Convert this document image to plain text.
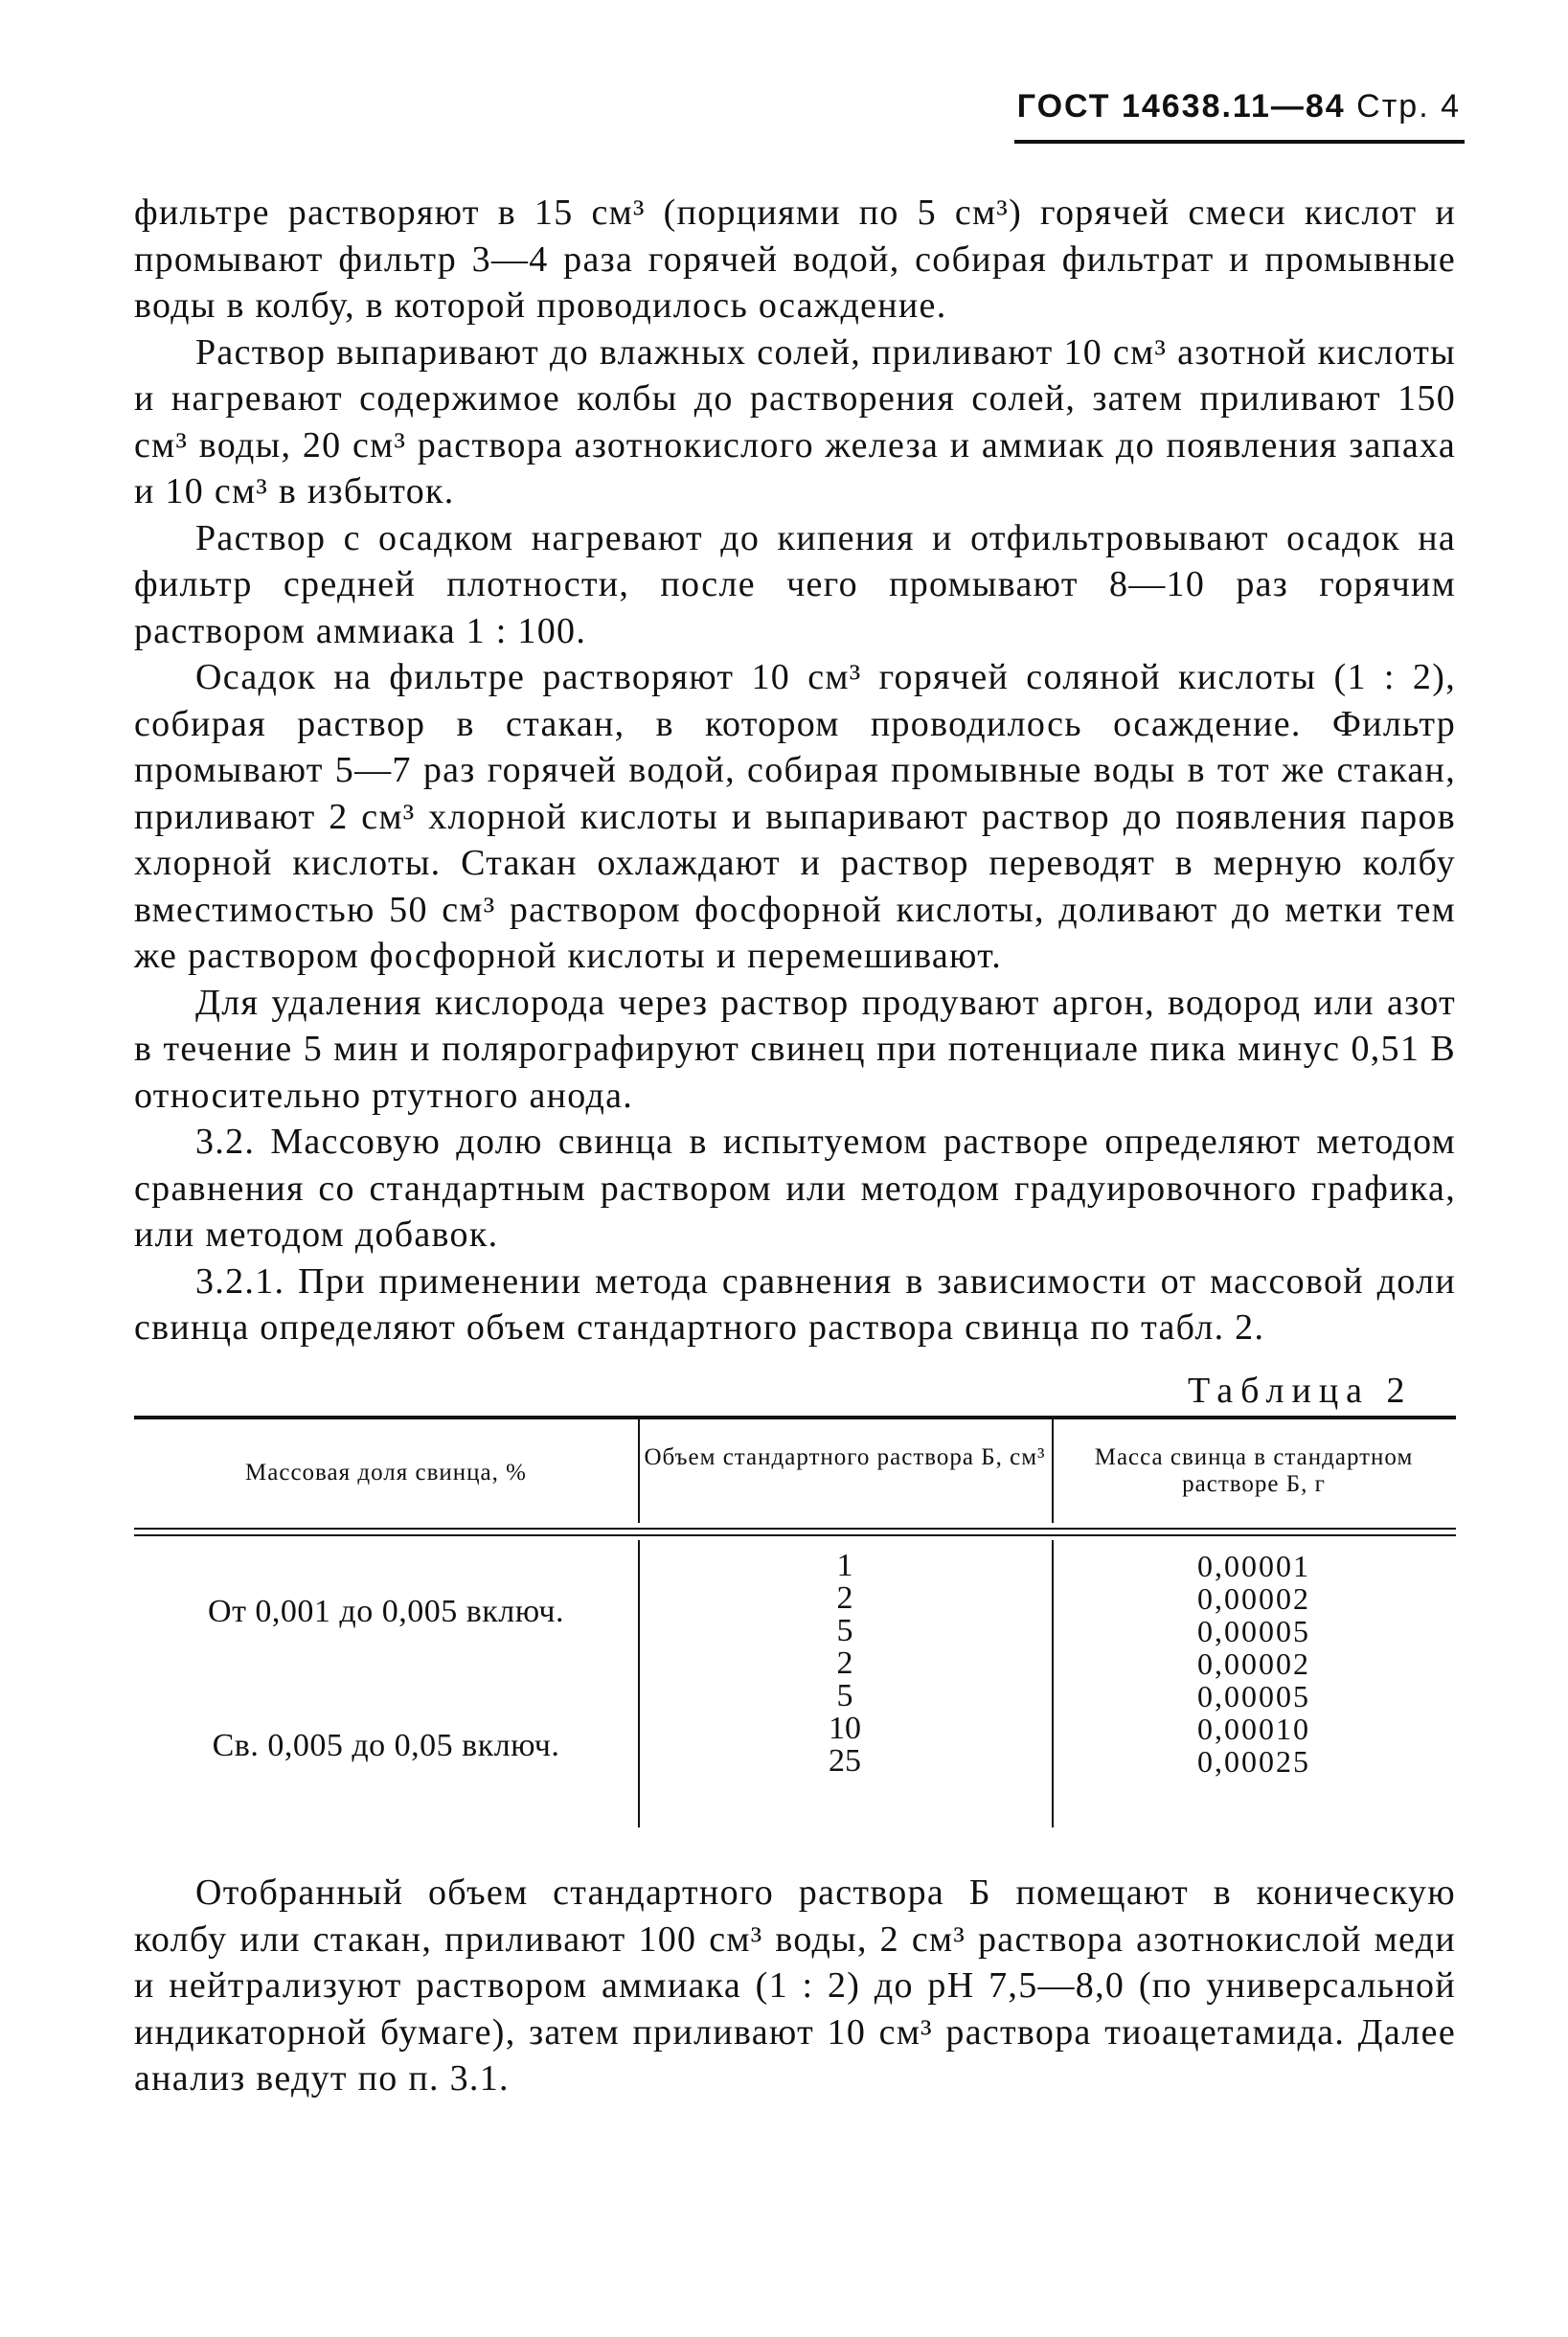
ГОСТ 14638.11—84 Стр. 4

фильтре растворяют в 15 см³ (порциями по 5 см³) горячей смеси кислот и промывают фильтр 3—4 раза горячей водой, собирая фильтрат и промывные воды в колбу, в которой проводилось осаждение.

Раствор выпаривают до влажных солей, приливают 10 см³ азотной кислоты и нагревают содержимое колбы до растворения солей, затем приливают 150 см³ воды, 20 см³ раствора азотнокислого железа и аммиак до появления запаха и 10 см³ в избыток.

Раствор с осадком нагревают до кипения и отфильтровывают осадок на фильтр средней плотности, после чего промывают 8—10 раз горячим раствором аммиака 1 : 100.

Осадок на фильтре растворяют 10 см³ горячей соляной кислоты (1 : 2), собирая раствор в стакан, в котором проводилось осаждение. Фильтр промывают 5—7 раз горячей водой, собирая промывные воды в тот же стакан, приливают 2 см³ хлорной кислоты и выпаривают раствор до появления паров хлорной кислоты. Стакан охлаждают и раствор переводят в мерную колбу вместимостью 50 см³ раствором фосфорной кислоты, доливают до метки тем же раствором фосфорной кислоты и перемешивают.

Для удаления кислорода через раствор продувают аргон, водород или азот в течение 5 мин и полярографируют свинец при потенциале пика минус 0,51 В относительно ртутного анода.

3.2. Массовую долю свинца в испытуемом растворе определяют методом сравнения со стандартным раствором или методом градуировочного графика, или методом добавок.

3.2.1. При применении метода сравнения в зависимости от массовой доли свинца определяют объем стандартного раствора свинца по табл. 2.

Таблица 2
Массовая доля свинца, %
Объем стандартного раствора Б, см³	Масса свинца в стандартном растворе Б, г
От 0,001 до 0,005 включ.
Св. 0,005 до 0,05 включ.
1
2
5
2
5
10
25
0,00001
0,00002
0,00005
0,00002
0,00005
0,00010
0,00025

Отобранный объем стандартного раствора Б помещают в коническую колбу или стакан, приливают 100 см³ воды, 2 см³ раствора азотнокислой меди и нейтрализуют раствором аммиака (1 : 2) до рН 7,5—8,0 (по универсальной индикаторной бумаге), затем приливают 10 см³ раствора тиоацетамида. Далее анализ ведут по п. 3.1.
